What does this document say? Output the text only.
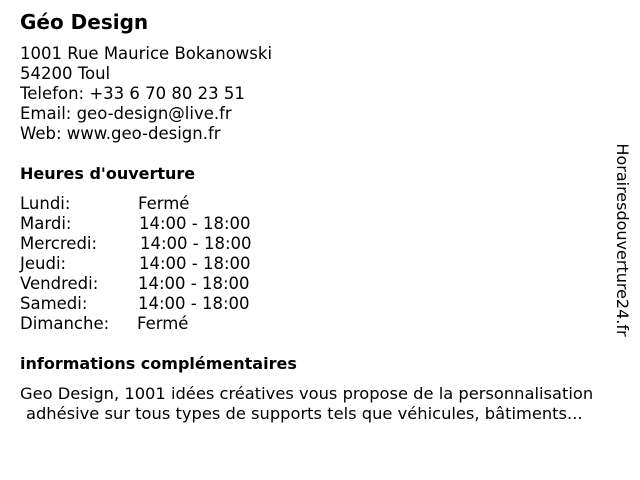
Géo Design
1001 Rue Maurice Bokanowski
54200 Toul
Telefon: +33 6 70 80 23 51
Email: geo-design@live.fr
Web: www.geo-design.fr
Heures d'ouverture
Lundi:	Fermé
Mardi:	14:00 - 18:00
Mercredi:	14:00 - 18:00
Jeudi:	14:00 - 18:00
Vendredi: 14:00 - 18:00
Samedi:	14:00 - 18:00
Dimanche: Fermé
informations complémentaires
Geo Design, 1001 idées créatives vous propose de la personnalisation
adhésive sur tous types de supports tels que véhicules, bâtiments...
Horairesdouverture24.fr
